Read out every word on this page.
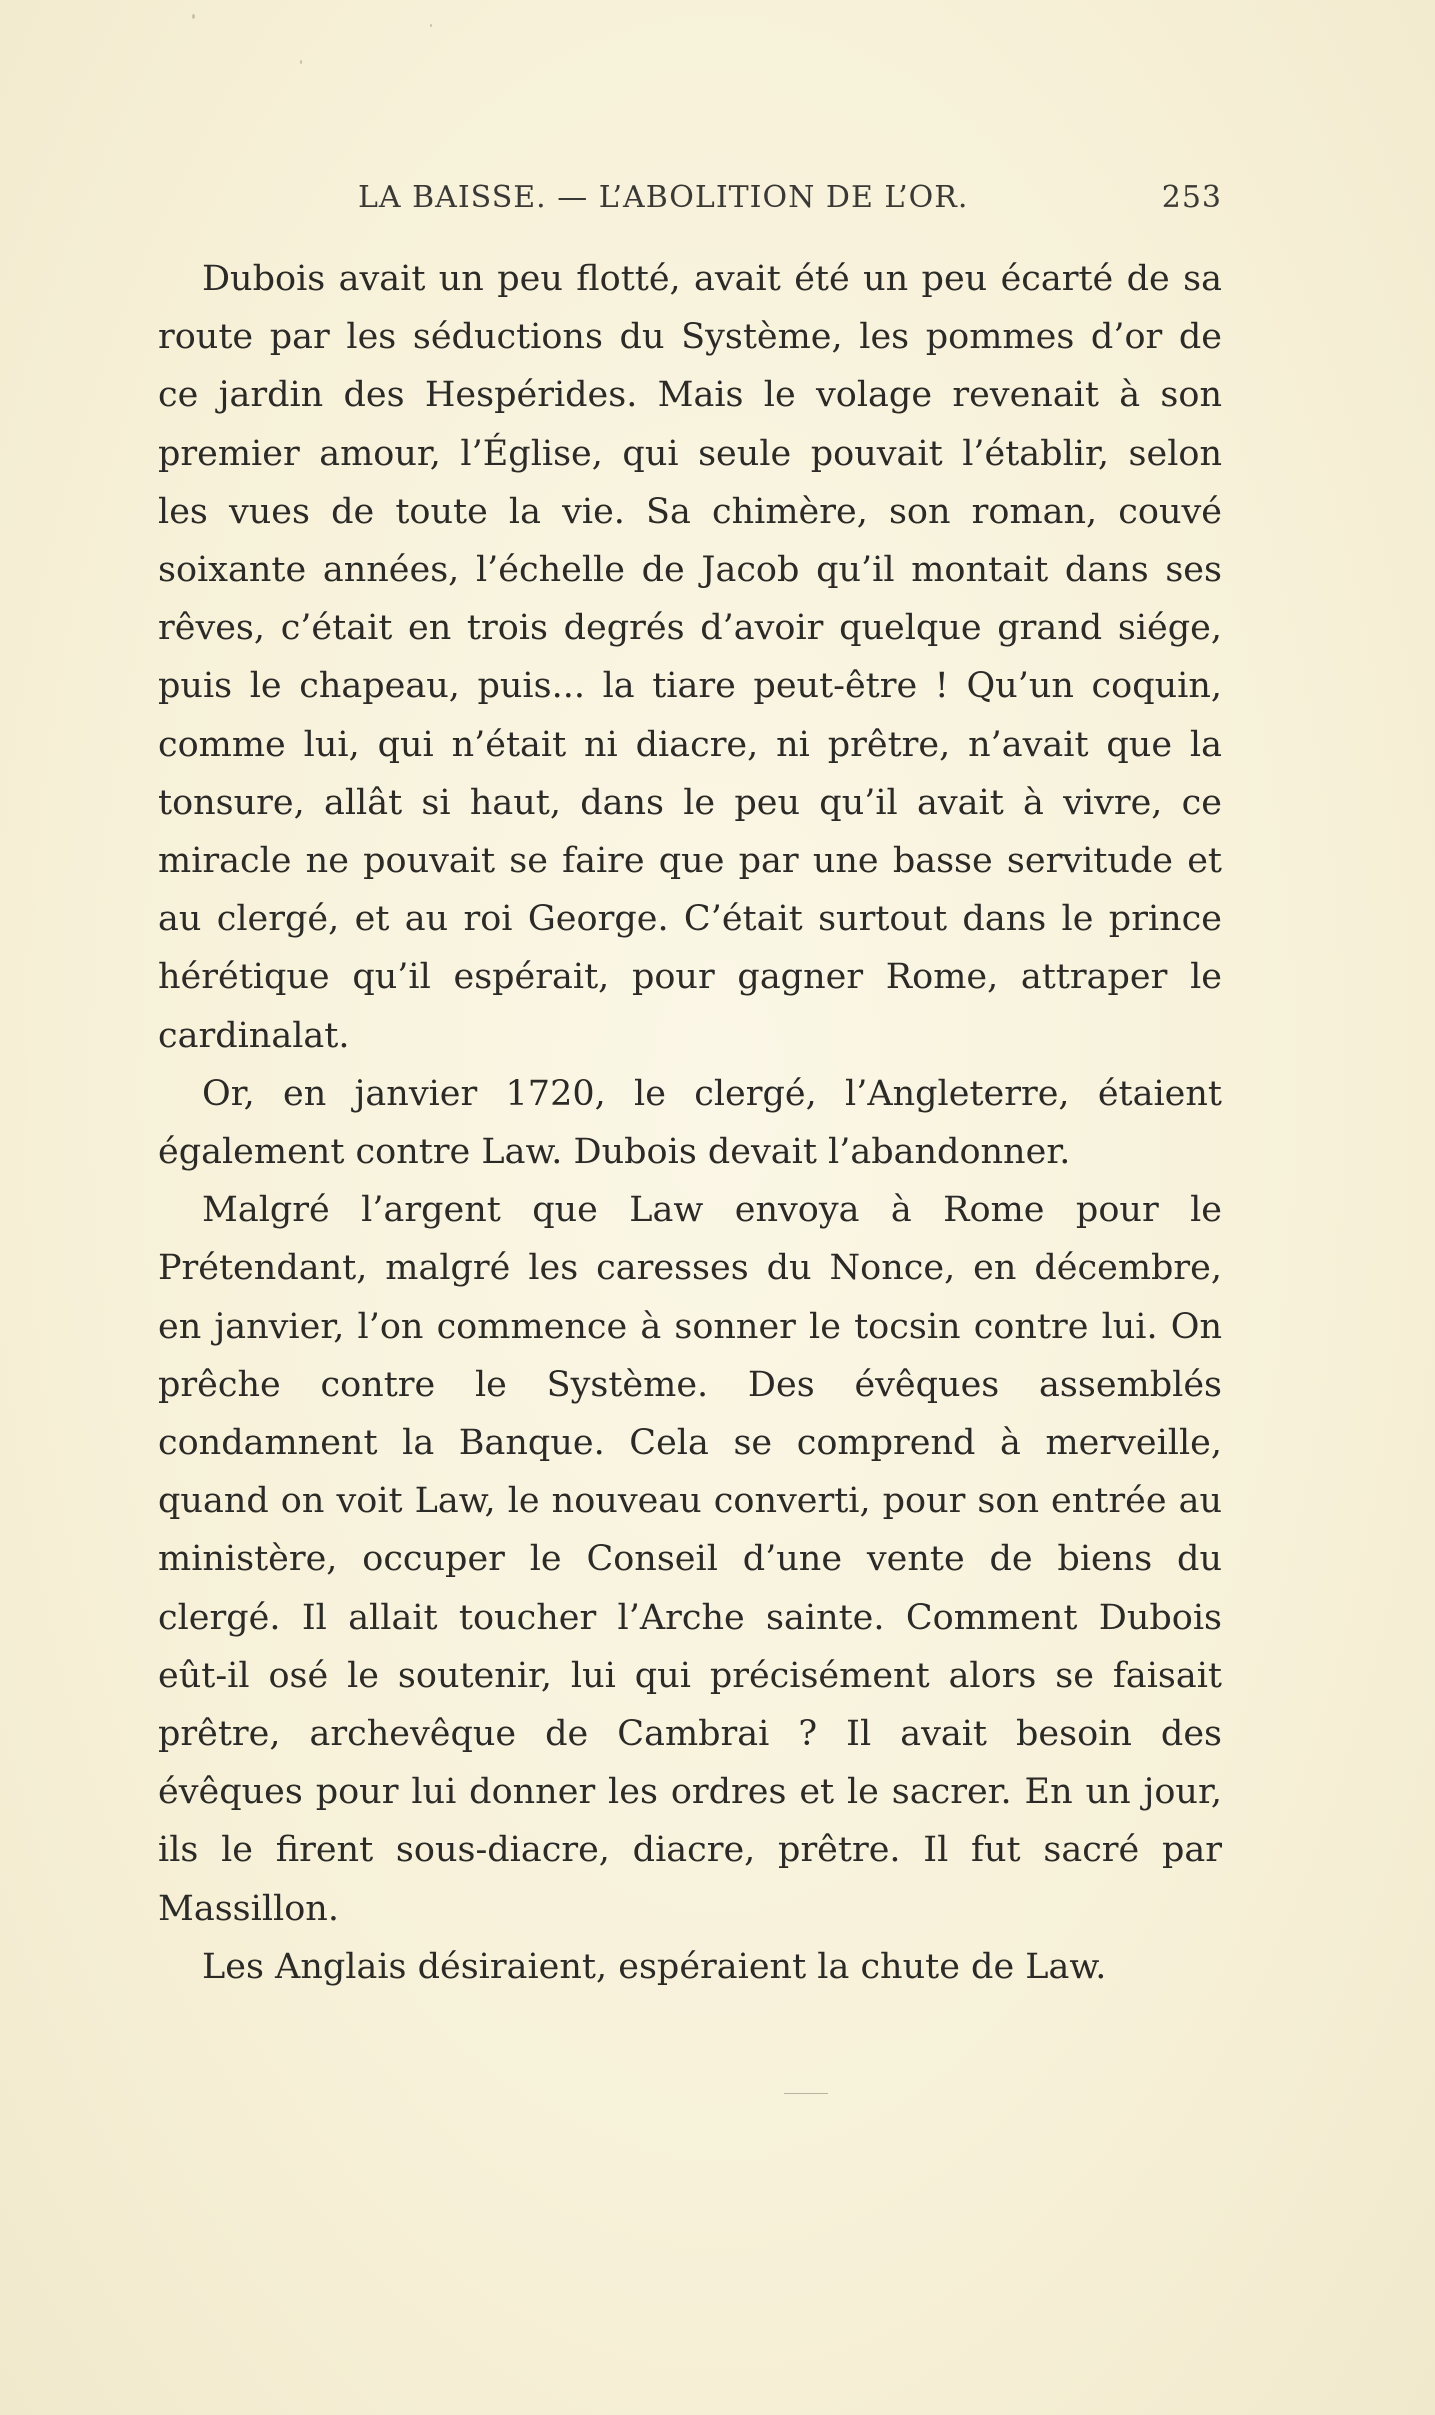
LA BAISSE. — L’ABOLITION DE L’OR.	253

Dubois avait un peu flotté, avait été un peu écarté de sa route par les séductions du Système, les pommes d’or de ce jardin des Hespérides. Mais le volage revenait à son premier amour, l’Église, qui seule pouvait l’établir, selon les vues de toute la vie. Sa chimère, son roman, couvé soixante années, l’échelle de Jacob qu’il montait dans ses rêves, c’était en trois degrés d’avoir quelque grand siége, puis le chapeau, puis... la tiare peut-être ! Qu’un coquin, comme lui, qui n’était ni diacre, ni prêtre, n’avait que la tonsure, allât si haut, dans le peu qu’il avait à vivre, ce miracle ne pouvait se faire que par une basse servitude et au clergé, et au roi George. C’était surtout dans le prince hérétique qu’il espérait, pour gagner Rome, attraper le cardinalat.

Or, en janvier 1720, le clergé, l’Angleterre, étaient également contre Law. Dubois devait l’abandonner.

Malgré l’argent que Law envoya à Rome pour le Prétendant, malgré les caresses du Nonce, en décembre, en janvier, l’on commence à sonner le tocsin contre lui. On prêche contre le Système. Des évêques assemblés condamnent la Banque. Cela se comprend à merveille, quand on voit Law, le nouveau converti, pour son entrée au ministère, occuper le Conseil d’une vente de biens du clergé. Il allait toucher l’Arche sainte. Comment Dubois eût-il osé le soutenir, lui qui précisément alors se faisait prêtre, archevêque de Cambrai ? Il avait besoin des évêques pour lui donner les ordres et le sacrer. En un jour, ils le firent sous-diacre, diacre, prêtre. Il fut sacré par Massillon.

Les Anglais désiraient, espéraient la chute de Law.
